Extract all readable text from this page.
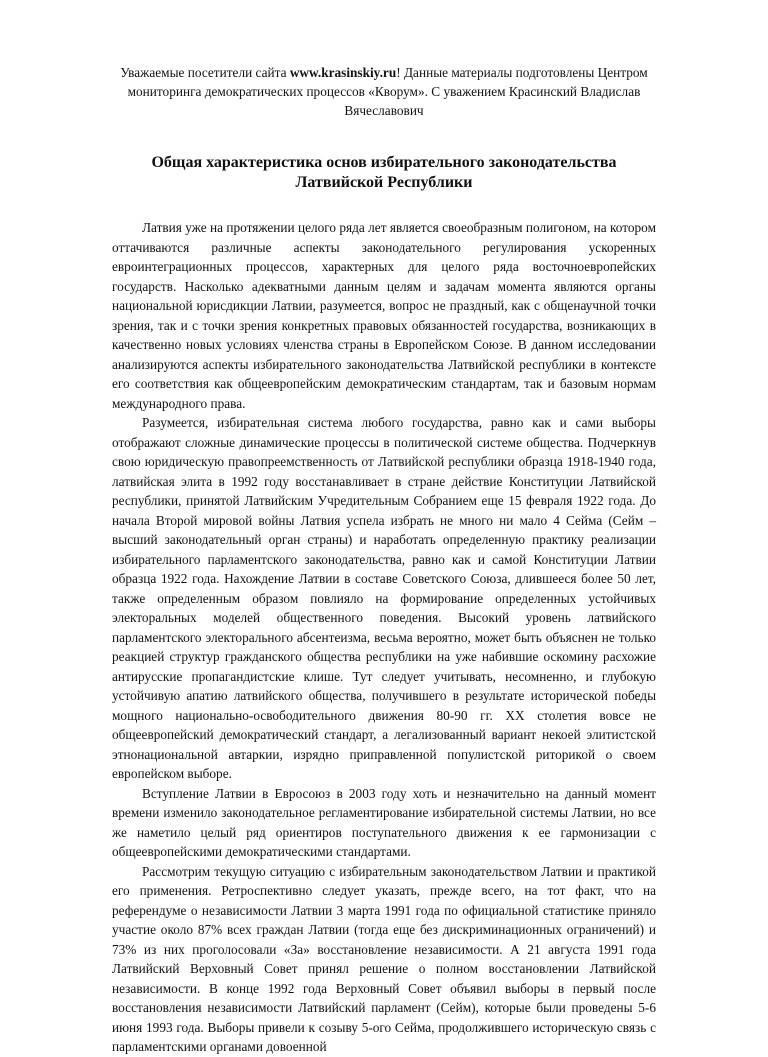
Уважаемые посетители сайта www.krasinskiy.ru! Данные материалы подготовлены Центром мониторинга демократических процессов «Кворум». С уважением Красинский Владислав Вячеславович

Общая характеристика основ избирательного законодательства Латвийской Республики

Латвия уже на протяжении целого ряда лет является своеобразным полигоном, на котором оттачиваются различные аспекты законодательного регулирования ускоренных евроинтеграционных процессов, характерных для целого ряда восточноевропейских государств. Насколько адекватными данным целям и задачам момента являются органы национальной юрисдикции Латвии, разумеется, вопрос не праздный, как с общенаучной точки зрения, так и с точки зрения конкретных правовых обязанностей государства, возникающих в качественно новых условиях членства страны в Европейском Союзе. В данном исследовании анализируются аспекты избирательного законодательства Латвийской республики в контексте его соответствия как общеевропейским демократическим стандартам, так и базовым нормам международного права.

Разумеется, избирательная система любого государства, равно как и сами выборы отображают сложные динамические процессы в политической системе общества. Подчеркнув свою юридическую правопреемственность от Латвийской республики образца 1918-1940 года, латвийская элита в 1992 году восстанавливает в стране действие Конституции Латвийской республики, принятой Латвийским Учредительным Собранием еще 15 февраля 1922 года. До начала Второй мировой войны Латвия успела избрать не много ни мало 4 Сейма (Сейм – высший законодательный орган страны) и наработать определенную практику реализации избирательного парламентского законодательства, равно как и самой Конституции Латвии образца 1922 года. Нахождение Латвии в составе Советского Союза, длившееся более 50 лет, также определенным образом повлияло на формирование определенных устойчивых электоральных моделей общественного поведения. Высокий уровень латвийского парламентского электорального абсентеизма, весьма вероятно, может быть объяснен не только реакцией структур гражданского общества республики на уже набившие оскомину расхожие антирусские пропагандистские клише. Тут следует учитывать, несомненно, и глубокую устойчивую апатию латвийского общества, получившего в результате исторической победы мощного национально-освободительного движения 80-90 гг. XX столетия вовсе не общеевропейский демократический стандарт, а легализованный вариант некоей элитистской этнонациональной автаркии, изрядно приправленной популистской риторикой о своем европейском выборе.

Вступление Латвии в Евросоюз в 2003 году хоть и незначительно на данный момент времени изменило законодательное регламентирование избирательной системы Латвии, но все же наметило целый ряд ориентиров поступательного движения к ее гармонизации с общеевропейскими демократическими стандартами.

Рассмотрим текущую ситуацию с избирательным законодательством Латвии и практикой его применения. Ретроспективно следует указать, прежде всего, на тот факт, что на референдуме о независимости Латвии 3 марта 1991 года по официальной статистике приняло участие около 87% всех граждан Латвии (тогда еще без дискриминационных ограничений) и 73% из них проголосовали «За» восстановление независимости. А 21 августа 1991 года Латвийский Верховный Совет принял решение о полном восстановлении Латвийской независимости. В конце 1992 года Верховный Совет объявил выборы в первый после восстановления независимости Латвийский парламент (Сейм), которые были проведены 5-6 июня 1993 года. Выборы привели к созыву 5-ого Сейма, продолжившего историческую связь с парламентскими органами довоенной
